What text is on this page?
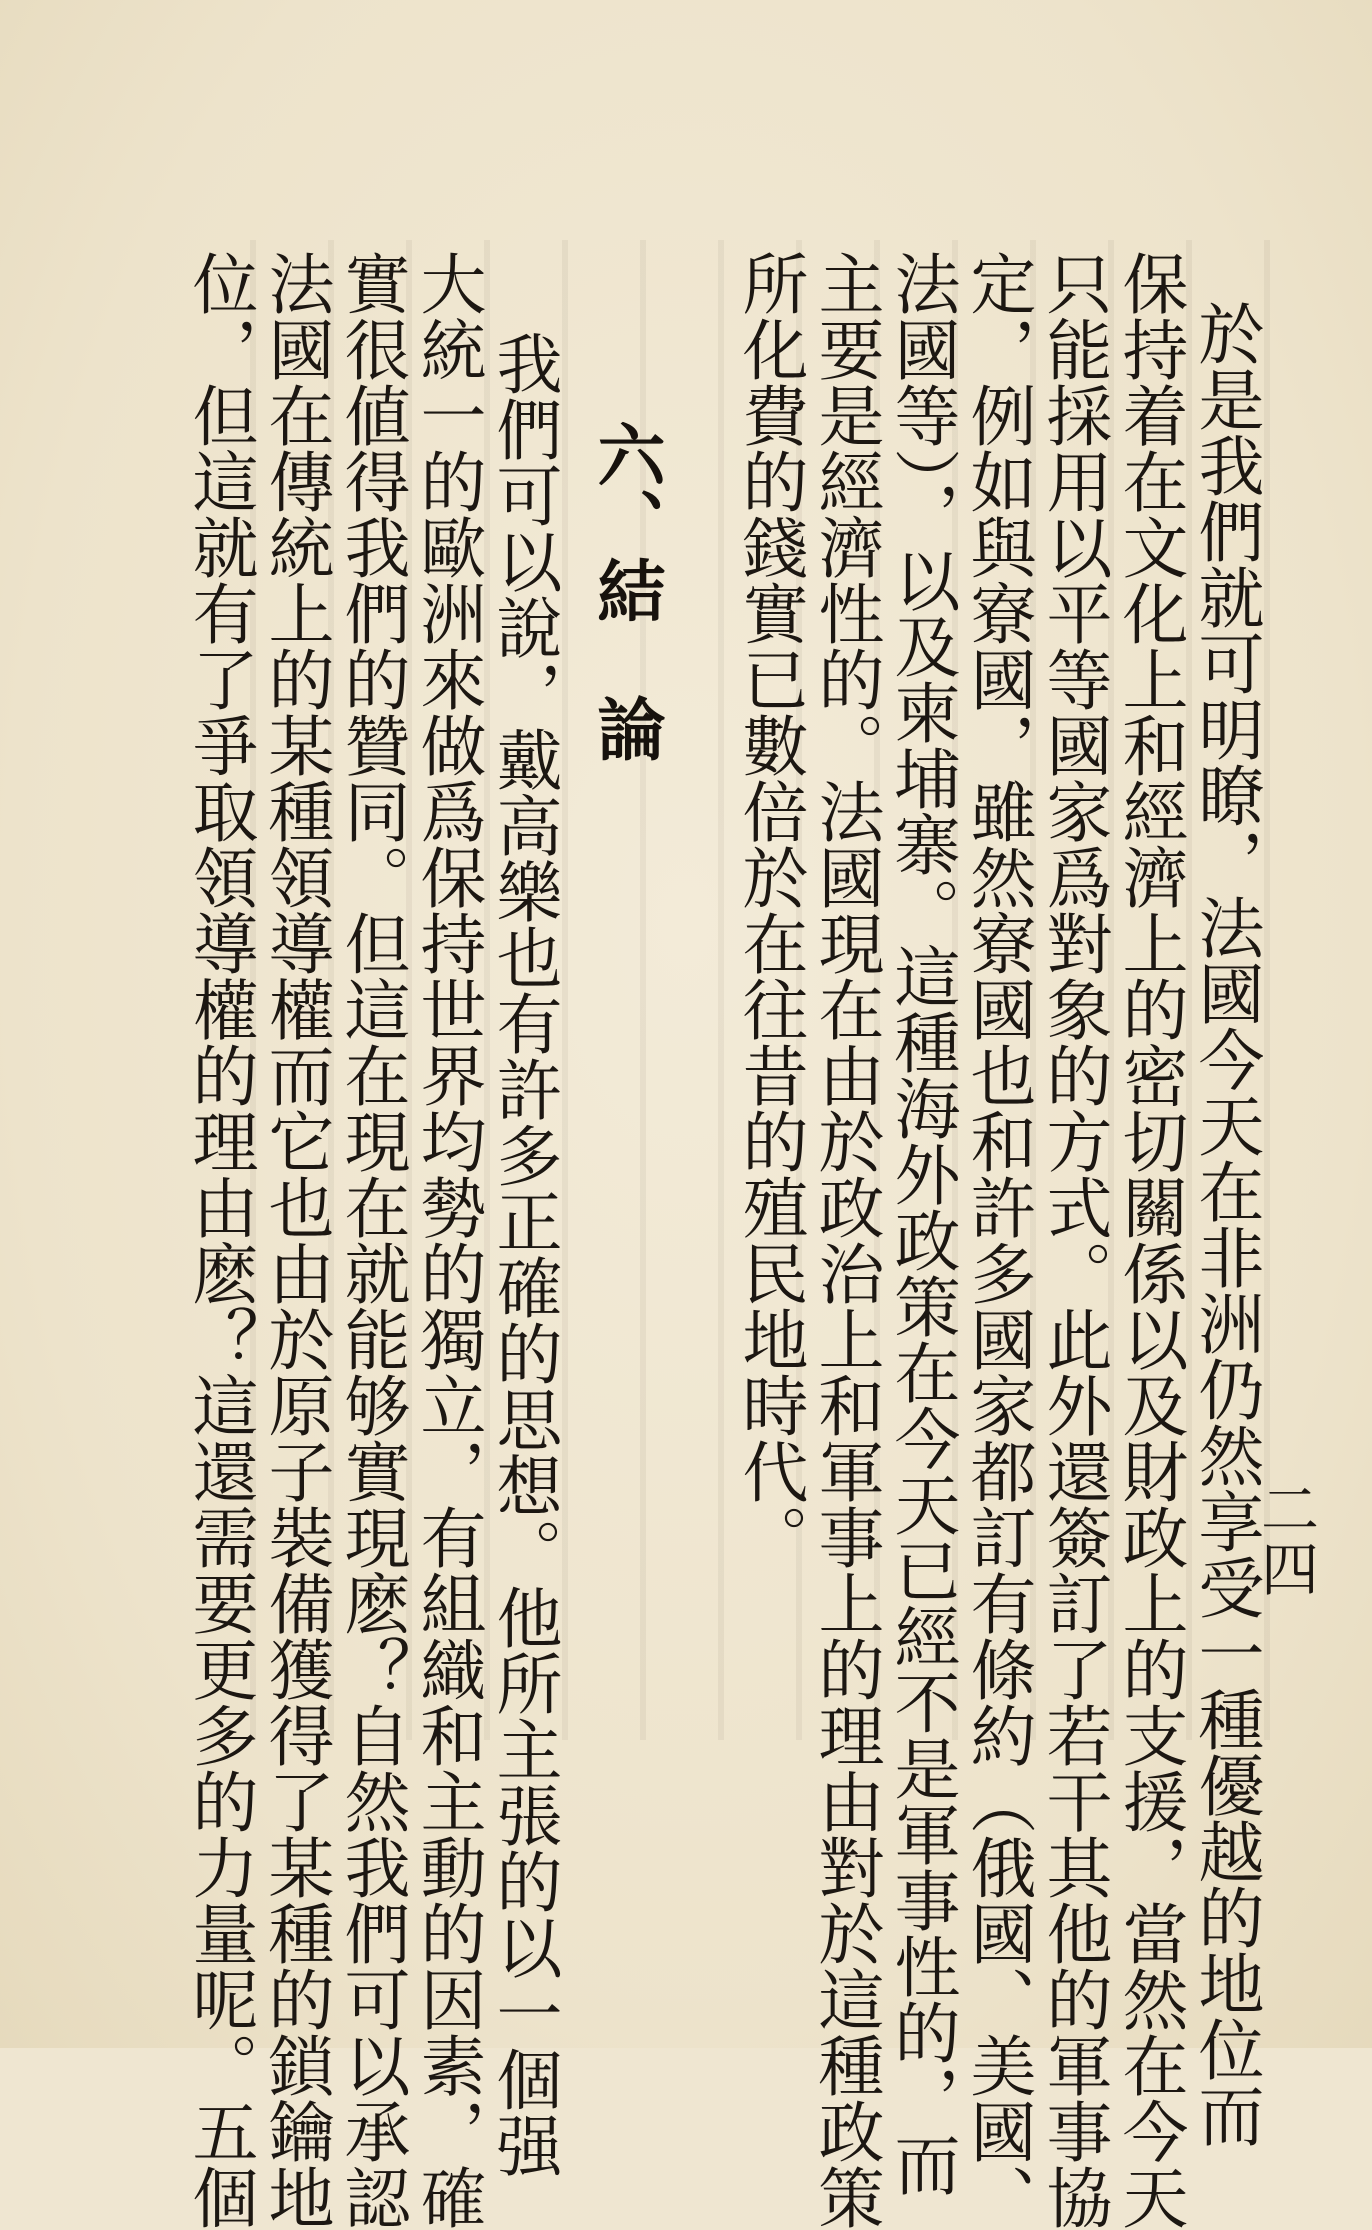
二四
於是我們就可明瞭，法國今天在非洲仍然享受一種優越的地位而
保持着在文化上和經濟上的密切關係以及財政上的支援，當然在今天
只能採用以平等國家爲對象的方式。此外還簽訂了若干其他的軍事協
定，例如與寮國，雖然寮國也和許多國家都訂有條約（俄國、美國、
法國等），以及柬埔寨。這種海外政策在今天已經不是軍事性的，而
主要是經濟性的。法國現在由於政治上和軍事上的理由對於這種政策
所化費的錢實已數倍於在往昔的殖民地時代。
六、結論
我們可以說，戴高樂也有許多正確的思想。他所主張的以一個强
大統一的歐洲來做爲保持世界均勢的獨立，有組織和主動的因素，確
實很値得我們的贊同。但這在現在就能够實現麽？自然我們可以承認
法國在傳統上的某種領導權而它也由於原子裝備獲得了某種的鎖鑰地
位，但這就有了爭取領導權的理由麽？這還需要更多的力量呢。五個
